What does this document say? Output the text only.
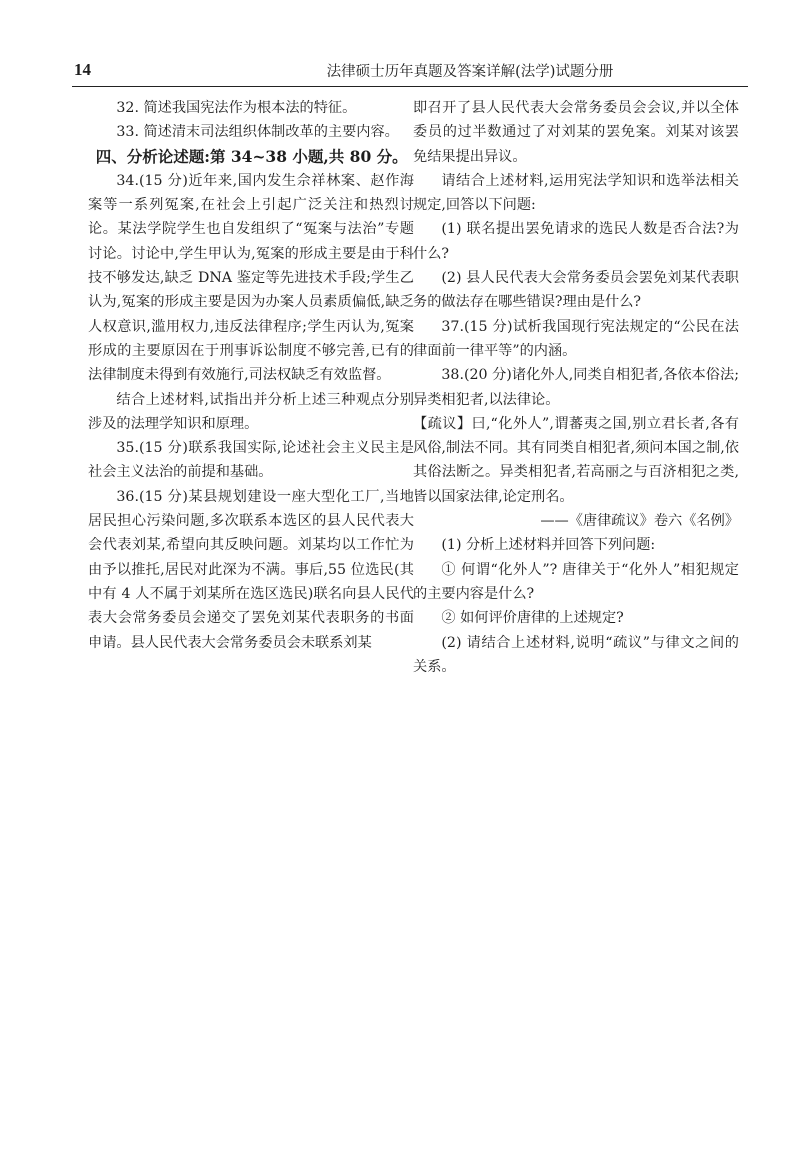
14	法律硕士历年真题及答案详解(法学)试题分册

32. 简述我国宪法作为根本法的特征。

33. 简述清末司法组织体制改革的主要内容。

四、分析论述题:第 34~38 小题,共 80 分。

34.(15 分)近年来,国内发生佘祥林案、赵作海案等一系列冤案,在社会上引起广泛关注和热烈讨论。某法学院学生也自发组织了“冤案与法治”专题讨论。讨论中,学生甲认为,冤案的形成主要是由于科技不够发达,缺乏 DNA 鉴定等先进技术手段;学生乙认为,冤案的形成主要是因为办案人员素质偏低,缺乏人权意识,滥用权力,违反法律程序;学生丙认为,冤案形成的主要原因在于刑事诉讼制度不够完善,已有的法律制度未得到有效施行,司法权缺乏有效监督。

结合上述材料,试指出并分析上述三种观点分别涉及的法理学知识和原理。

35.(15 分)联系我国实际,论述社会主义民主是社会主义法治的前提和基础。

36.(15 分)某县规划建设一座大型化工厂,当地居民担心污染问题,多次联系本选区的县人民代表大会代表刘某,希望向其反映问题。刘某均以工作忙为由予以推托,居民对此深为不满。事后,55 位选民(其中有 4 人不属于刘某所在选区选民)联名向县人民代表大会常务委员会递交了罢免刘某代表职务的书面申请。县人民代表大会常务委员会未联系刘某

即召开了县人民代表大会常务委员会会议,并以全体委员的过半数通过了对刘某的罢免案。刘某对该罢免结果提出异议。

请结合上述材料,运用宪法学知识和选举法相关规定,回答以下问题:

(1) 联名提出罢免请求的选民人数是否合法?为什么?

(2) 县人民代表大会常务委员会罢免刘某代表职务的做法存在哪些错误?理由是什么?

37.(15 分)试析我国现行宪法规定的“公民在法律面前一律平等”的内涵。

38.(20 分)诸化外人,同类自相犯者,各依本俗法;异类相犯者,以法律论。

【疏议】曰,“化外人”,谓蕃夷之国,别立君长者,各有风俗,制法不同。其有同类自相犯者,须问本国之制,依其俗法断之。异类相犯者,若高丽之与百济相犯之类,皆以国家法律,论定刑名。

——《唐律疏议》卷六《名例》

(1) 分析上述材料并回答下列问题:

① 何谓“化外人”? 唐律关于“化外人”相犯规定的主要内容是什么?

② 如何评价唐律的上述规定?

(2) 请结合上述材料,说明“疏议”与律文之间的关系。
